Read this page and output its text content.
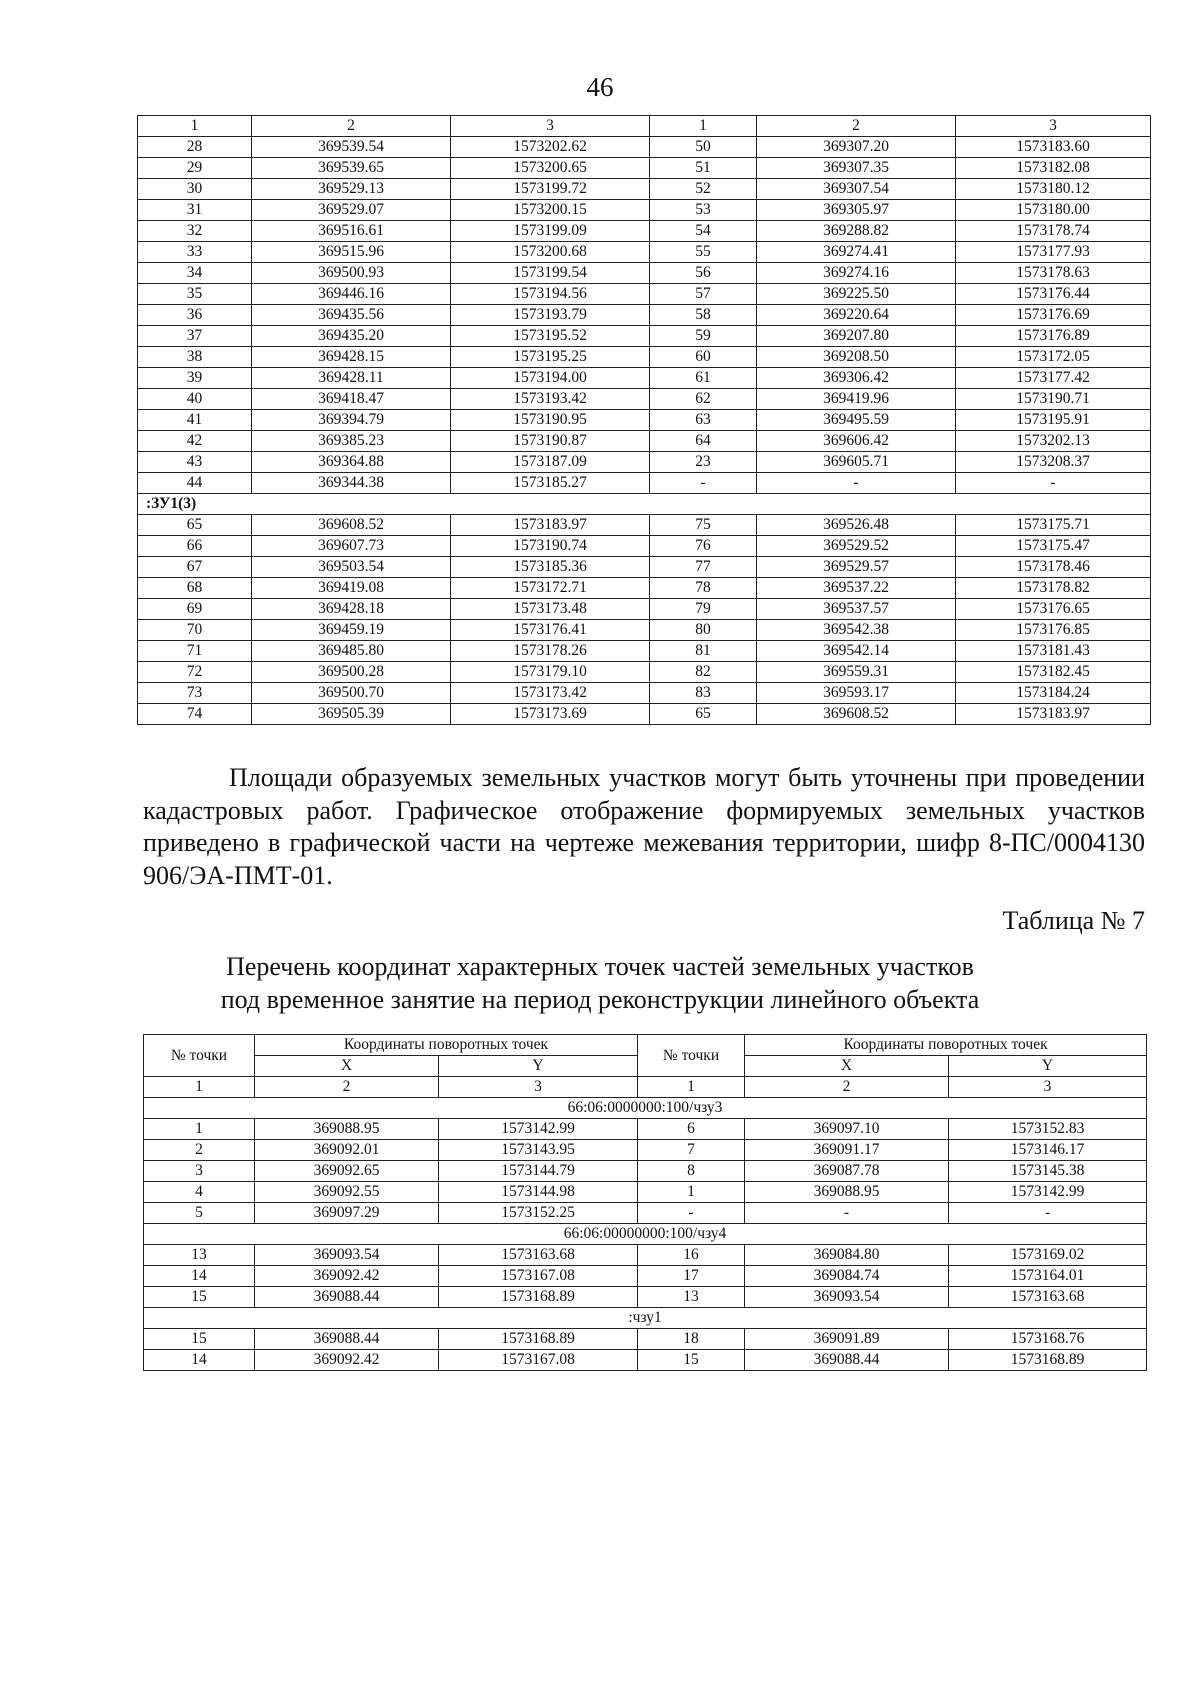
46
1	2	3	1	2	3
28	369539.54	1573202.62	50	369307.20	1573183.60
29	369539.65	1573200.65	51	369307.35	1573182.08
30	369529.13	1573199.72	52	369307.54	1573180.12
31	369529.07	1573200.15	53	369305.97	1573180.00
32	369516.61	1573199.09	54	369288.82	1573178.74
33	369515.96	1573200.68	55	369274.41	1573177.93
34	369500.93	1573199.54	56	369274.16	1573178.63
35	369446.16	1573194.56	57	369225.50	1573176.44
36	369435.56	1573193.79	58	369220.64	1573176.69
37	369435.20	1573195.52	59	369207.80	1573176.89
38	369428.15	1573195.25	60	369208.50	1573172.05
39	369428.11	1573194.00	61	369306.42	1573177.42
40	369418.47	1573193.42	62	369419.96	1573190.71
41	369394.79	1573190.95	63	369495.59	1573195.91
42	369385.23	1573190.87	64	369606.42	1573202.13
43	369364.88	1573187.09	23	369605.71	1573208.37
44	369344.38	1573185.27	-	-	-
:ЗУ1(3)					
65	369608.52	1573183.97	75	369526.48	1573175.71
66	369607.73	1573190.74	76	369529.52	1573175.47
67	369503.54	1573185.36	77	369529.57	1573178.46
68	369419.08	1573172.71	78	369537.22	1573178.82
69	369428.18	1573173.48	79	369537.57	1573176.65
70	369459.19	1573176.41	80	369542.38	1573176.85
71	369485.80	1573178.26	81	369542.14	1573181.43
72	369500.28	1573179.10	82	369559.31	1573182.45
73	369500.70	1573173.42	83	369593.17	1573184.24
74	369505.39	1573173.69	65	369608.52	1573183.97

Площади образуемых земельных участков могут быть уточнены при проведении кадастровых работ. Графическое отображение формируемых земельных участков приведено в графической части на чертеже межевания территории, шифр 8-ПС/0004130 906/ЭА-ПМТ-01.

Таблица № 7
Перечень координат характерных точек частей земельных участков
под временное занятие на период реконструкции линейного объекта
№ точки	Координаты поворотных точек		№ точки	Координаты поворотных точек	
	X	Y		X	Y
1	2	3	1	2	3
66:06:0000000:100/чзу3					
1	369088.95	1573142.99	6	369097.10	1573152.83
2	369092.01	1573143.95	7	369091.17	1573146.17
3	369092.65	1573144.79	8	369087.78	1573145.38
4	369092.55	1573144.98	1	369088.95	1573142.99
5	369097.29	1573152.25	-	-	-
66:06:00000000:100/чзу4					
13	369093.54	1573163.68	16	369084.80	1573169.02
14	369092.42	1573167.08	17	369084.74	1573164.01
15	369088.44	1573168.89	13	369093.54	1573163.68
:чзу1					
15	369088.44	1573168.89	18	369091.89	1573168.76
14	369092.42	1573167.08	15	369088.44	1573168.89
